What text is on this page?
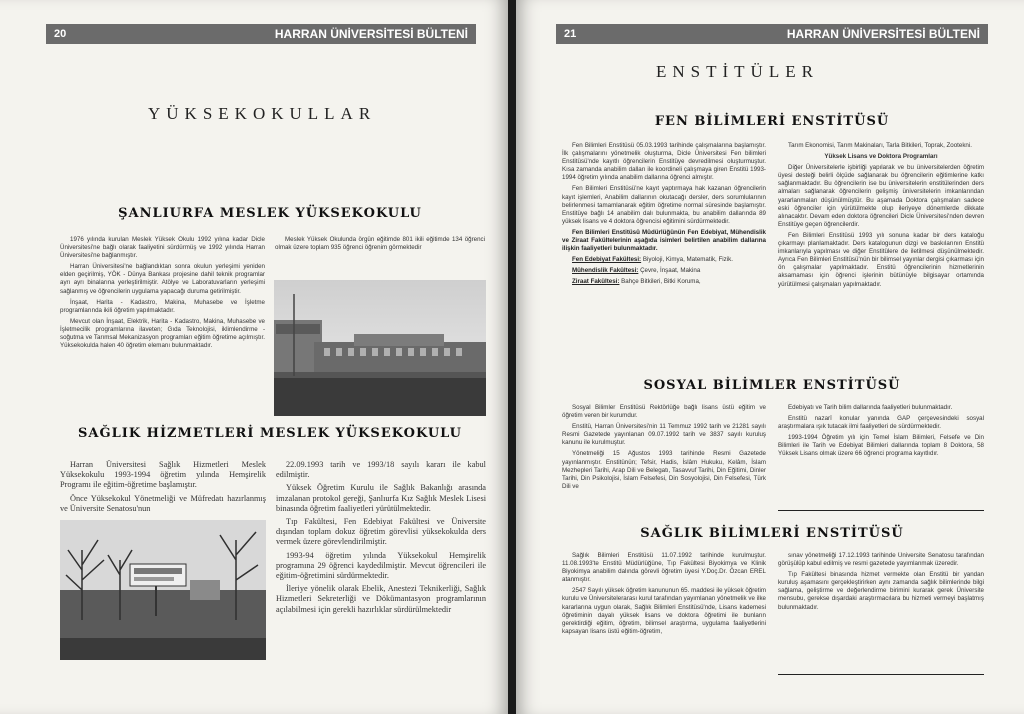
20	HARRAN ÜNİVERSİTESİ BÜLTENİ
YÜKSEKOKULLAR
ŞANLIURFA MESLEK YÜKSEKOKULU

1976 yılında kurulan Meslek Yüksek Okulu 1992 yılına kadar Dicle Üniversitesi'ne bağlı olarak faaliyetini sürdürmüş ve 1992 yılında Harran Üniversitesi'ne bağlanmıştır.

Harran Üniversitesi'ne bağlandıktan sonra okulun yerleşimi yeniden elden geçirilmiş, YÖK - Dünya Bankası projesine dahil teknik programlar ayrı ayrı binalarına yerleştirilmiştir. Atölye ve Laboratuvarların yerleşimi sağlanmış ve öğrencilerin uygulama yapacağı duruma getirilmiştir.

İnşaat, Harita - Kadastro, Makina, Muhasebe ve İşletme programlarında ikili öğretim yapılmaktadır.

Mevcut olan İnşaat, Elektrik, Harita - Kadastro, Makina, Muhasebe ve İşletmecilik programlarına ilaveten; Gıda Teknolojisi, iklimlendirme -soğutma ve Tarımsal Mekanizasyon programları eğitim öğretime açılmıştır. Yüksekokulda halen 40 öğretim elemanı bulunmaktadır.

Meslek Yüksek Okulunda örgün eğitimde 801 ikili eğitimde 134 öğrenci olmak üzere toplam 935 öğrenci öğrenim görmektedir

SAĞLIK HİZMETLERİ MESLEK YÜKSEKOKULU

Harran Üniversitesi Sağlık Hizmetleri Meslek Yüksekokulu 1993-1994 öğretim yılında Hemşirelik Programı ile eğitim-öğretime başlamıştır.

Önce Yüksekokul Yönetmeliği ve Müfredatı hazırlanmış ve Üniversite Senatosu'nun

22.09.1993 tarih ve 1993/18 sayılı kararı ile kabul edilmiştir.

Yüksek Öğretim Kurulu ile Sağlık Bakanlığı arasında imzalanan protokol gereği, Şanlıurfa Kız Sağlık Meslek Lisesi binasında öğretim faaliyetleri yürütülmektedir.

Tıp Fakültesi, Fen Edebiyat Fakültesi ve Üniversite dışından toplam dokuz öğretim görevlisi yüksekokulda ders vermek üzere görevlendirilmiştir.

1993-94 öğretim yılında Yüksekokul Hemşirelik programına 29 öğrenci kaydedilmiştir. Mevcut öğrencileri ile eğitim-öğretimini sürdürmektedir.

İleriye yönelik olarak Ebelik, Anestezi Teknikerliği, Sağlık Hizmetleri Sekreterliği ve Dökümantasyon programlarının açılabilmesi için gerekli hazırlıklar sürdürülmektedir

21	HARRAN ÜNİVERSİTESİ BÜLTENİ
ENSTİTÜLER
FEN BİLİMLERİ ENSTİTÜSÜ

Fen Bilimleri Enstitüsü 05.03.1993 tarihinde çalışmalarına başlamıştır. İlk çalışmalarını yönetmelik oluşturma, Dicle Üniversitesi Fen bilimleri Enstitüsü'nde kayıtlı öğrencilerin Enstitüye devredilmesi oluşturmuştur. Kısa zamanda anabilim dalları ile koordineli çalışmaya giren Enstitü 1993-1994 öğretim yılında anabilim dallarına öğrenci almıştır.

Fen Bilimleri Enstitüsü'ne kayıt yaptırmaya hak kazanan öğrencilerin kayıt işlemleri, Anabilim dallarının okutacağı dersler, ders sorumlularının belirlenmesi tamamlanarak eğitim öğretime normal süresinde başlamıştır. Enstitüye bağlı 14 anabilim dalı bulunmakta, bu anabilim dallarında 89 yüksek lisans ve 4 doktora öğrencisi eğitimini sürdürmektedir.

Fen Bilimleri Enstitüsü Müdürlüğünün Fen Edebiyat, Mühendislik ve Ziraat Fakültelerinin aşağıda isimleri belirtilen anabilim dallarına ilişkin faaliyetleri bulunmaktadır.

Fen Edebiyat Fakültesi: Biyoloji, Kimya, Matematik, Fizik.

Mühendislik Fakültesi: Çevre, İnşaat, Makina

Ziraat Fakültesi: Bahçe Bitkileri, Bitki Koruma,

Tarım Ekonomisi, Tarım Makinaları, Tarla Bitkileri, Toprak, Zootekni.

Yüksek Lisans ve Doktora Programları

Diğer Üniversitelerle işbirliği yapılarak ve bu üniversitelerden öğretim üyesi desteği belirli ölçüde sağlanarak bu öğrencilerin eğitimlerine katkı sağlanmaktadır. Bu öğrencilerin ise bu üniversitelerin enstitülerinden ders almaları sağlanarak öğrencilerin gelişmiş üniversitelerin imkanlarından yararlanmaları düşünülmüştür. Bu aşamada Doktora çalışmaları sadece eski öğrenciler için yürütülmekte olup ileriyeye dönemlerde dikkate alınacaktır. Devam eden doktora öğrencileri Dicle Üniversitesi'nden devren Enstitüye geçen öğrencilerdir.

Fen Bilimleri Enstitüsü 1993 yılı sonuna kadar bir ders kataloğu çıkarmayı planlamaktadır. Ders katalogunun dizgi ve baskılarının Enstitü imkanlarıyla yapılması ve diğer Enstitülere de iletilmesi düşünülmektedir. Ayrıca Fen Bilimleri Enstitüsü'nün bir bilimsel yayınlar dergisi çıkarması için ön çalışmalar yapılmaktadır. Enstitü öğrencilerinin hizmetlerinin aksamaması için öğrenci işlerinin bütünüyle bilgisayar ortamında yürütülmesi çalışmaları yapılmaktadır.

SOSYAL BİLİMLER ENSTİTÜSÜ

Sosyal Bilimler Enstitüsü Rektörlüğe bağlı lisans üstü eğitim ve öğretim veren bir kurumdur.

Enstitü, Harran Üniversitesi'nin 11 Temmuz 1992 tarih ve 21281 sayılı Resmi Gazetede yayınlanan 09.07.1992 tarih ve 3837 sayılı kuruluş kanunu ile kurulmuştur.

Yönetmeliği 15 Ağustos 1993 tarihinde Resmi Gazetede yayınlanmıştır. Enstitünün; Tefsir, Hadis, İslâm Hukuku, Kelâm, İslam Mezhepleri Tarihi, Arap Dili ve Belegatı, Tasavvuf Tarihi, Din Eğitimi, Dinler Tarihi, Din Psikolojisi, İslam Felsefesi, Din Sosyolojisi, Din Felsefesi, Türk Dili ve

Edebiyatı ve Tarih bilim dallarında faaliyetleri bulunmaktadır.

Enstitü nazarî konular yanında GAP çerçevesindeki sosyal araştırmalara ışık tutacak ilmi faaliyetleri de sürdürmektedir.

1993-1994 Öğretim yılı için Temel İslam Bilimleri, Felsefe ve Din Bilimleri ile Tarih ve Edebiyat Bilimleri dallarında toplam 8 Doktora, 58 Yüksek Lisans olmak üzere 66 öğrenci programa kayıtlıdır.

SAĞLIK BİLİMLERİ ENSTİTÜSÜ

Sağlık Bilimleri Enstitüsü 11.07.1992 tarihinde kurulmuştur. 11.08.1993'te Enstitü Müdürlüğüne, Tıp Fakültesi Biyokimya ve Klinik Biyokimya anabilim dalında görevli öğretim üyesi Y.Doç.Dr. Özcan EREL atanmıştır.

2547 Sayılı yüksek öğretim kanununun 65. maddesi ile yüksek öğretim kurulu ve Üniversitelerarası kurul tarafından yayımlanan yönetmelik ve ilke kararlarına uygun olarak, Sağlık Bilimleri Enstitüsü'nde, Lisans kademesi öğretiminin dayalı yüksek lisans ve doktora öğretimi ile bunların gerektirdiği eğitim, öğretim, bilimsel araştırma, uygulama faaliyetlerini kapsayan lisans üstü eğitim-öğretim,

sınav yönetmeliği 17.12.1993 tarihinde Üniversite Senatosu tarafından görüşülüp kabul edilmiş ve resmi gazetede yayımlanmak üzeredir.

Tıp Fakültesi binasında hizmet vermekte olan Enstitü bir yandan kuruluş aşamasını gerçekleştirirken aynı zamanda sağlık bilimlerinde bilgi sağlama, geliştirme ve değerlendirme birimini kurarak gerek Üniversite mensubu, gerekse dışardaki araştırmacılara bu hizmeti vermeyi başlatmış bulunmaktadır.
